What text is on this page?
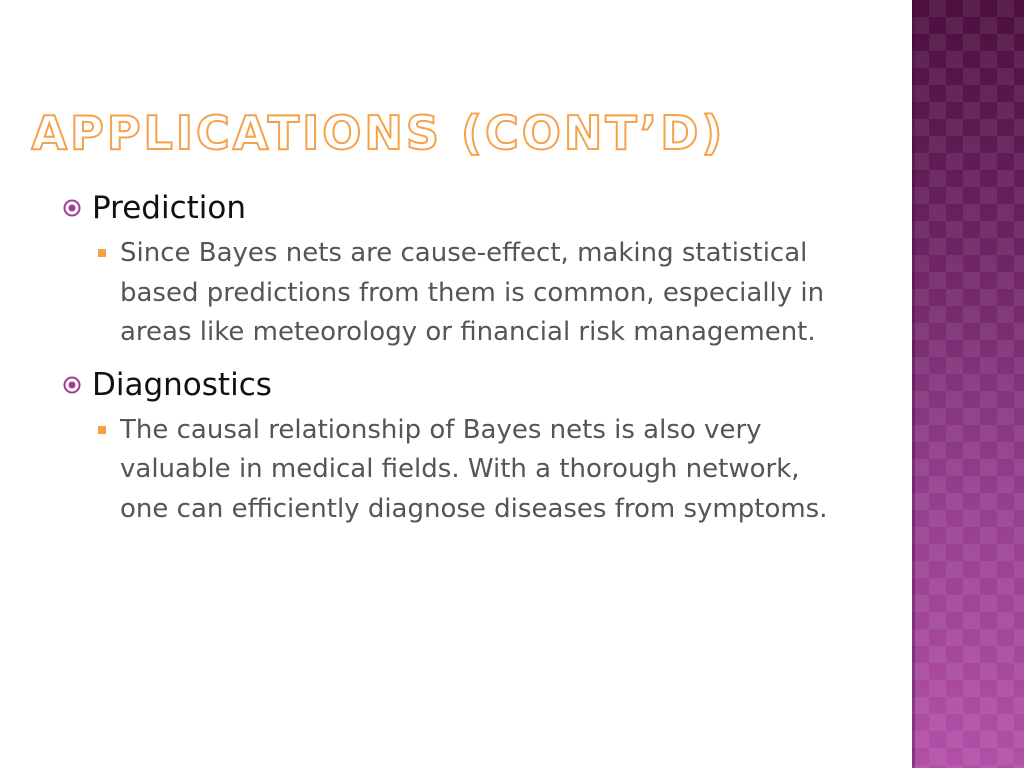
APPLICATIONS (CONT’D)
Prediction
Since Bayes nets are cause-effect, making statistical based predictions from them is common, especially in areas like meteorology or financial risk management.
Diagnostics
The causal relationship of Bayes nets is also very valuable in medical fields. With a thorough network, one can efficiently diagnose diseases from symptoms.
